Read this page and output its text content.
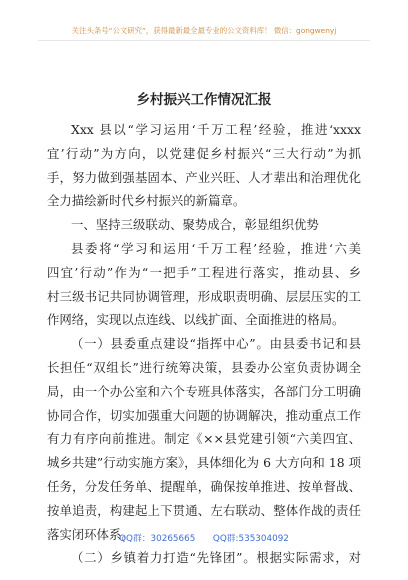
关注头条号“公文研究”，获得最新最全最专业的公文资料库！ 微信：gongwenyj
乡村振兴工作情况汇报
Xxx 县以“学习运用‘千万工程’经验，推进‘xxxx
宜’行动”为方向，以党建促乡村振兴“三大行动”为抓
手，努力做到强基固本、产业兴旺、人才辈出和治理优化
全力描绘新时代乡村振兴的新篇章。
一、坚持三级联动、聚势成合，彰显组织优势
县委将“学习和运用‘千万工程’经验，推进‘六美
四宜’行动”作为“一把手”工程进行落实，推动县、乡
村三级书记共同协调管理，形成职责明确、层层压实的工
作网络，实现以点连线、以线扩面、全面推进的格局。
（一）县委重点建设“指挥中心”。由县委书记和县
长担任“双组长”进行统筹决策，县委办公室负责协调全
局，由一个办公室和六个专班具体落实，各部门分工明确
协同合作，切实加强重大问题的协调解决，推动重点工作
有力有序向前推进。制定《××县党建引领“六美四宜、
城乡共建”行动实施方案》，具体细化为 6 大方向和 18 项
任务，分发任务单、提醒单，确保按单推进、按单督战、
按单追责，构建起上下贯通、左右联动、整体作战的责任
落实闭环体系。
（二）乡镇着力打造“先锋团”。根据实际需求，对
QQ群：30265665　　QQ群:535304092
